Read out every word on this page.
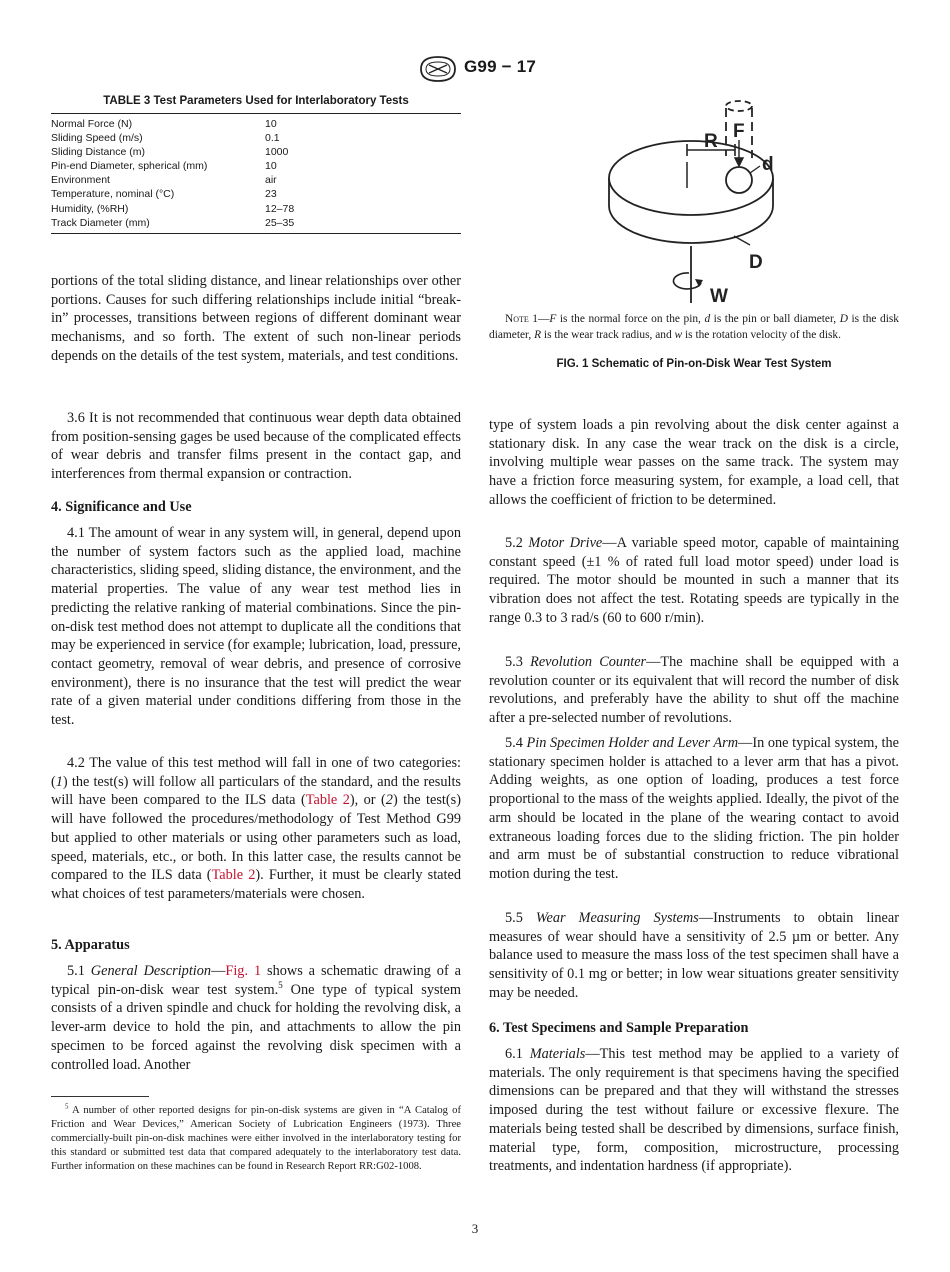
G99 − 17
TABLE 3 Test Parameters Used for Interlaboratory Tests
Normal Force (N)	10
Sliding Speed (m/s)	0.1
Sliding Distance (m)	1000
Pin-end Diameter, spherical (mm)	10
Environment	air
Temperature, nominal (°C)	23
Humidity, (%RH)	12–78
Track Diameter (mm)	25–35

portions of the total sliding distance, and linear relationships over other portions. Causes for such differing relationships include initial “break-in” processes, transitions between regions of different dominant wear mechanisms, and so forth. The extent of such non-linear periods depends on the details of the test system, materials, and test conditions.

3.6 It is not recommended that continuous wear depth data obtained from position-sensing gages be used because of the complicated effects of wear debris and transfer films present in the contact gap, and interferences from thermal expansion or contraction.

4. Significance and Use

4.1 The amount of wear in any system will, in general, depend upon the number of system factors such as the applied load, machine characteristics, sliding speed, sliding distance, the environment, and the material properties. The value of any wear test method lies in predicting the relative ranking of material combinations. Since the pin-on-disk test method does not attempt to duplicate all the conditions that may be experienced in service (for example; lubrication, load, pressure, contact geometry, removal of wear debris, and presence of corrosive environment), there is no insurance that the test will predict the wear rate of a given material under conditions differing from those in the test.

4.2 The value of this test method will fall in one of two categories: (1) the test(s) will follow all particulars of the standard, and the results will have been compared to the ILS data (Table 2), or (2) the test(s) will have followed the procedures/methodology of Test Method G99 but applied to other materials or using other parameters such as load, speed, materials, etc., or both. In this latter case, the results cannot be compared to the ILS data (Table 2). Further, it must be clearly stated what choices of test parameters/materials were chosen.

5. Apparatus

5.1 General Description—Fig. 1 shows a schematic drawing of a typical pin-on-disk wear test system.$^5$ One type of typical system consists of a driven spindle and chuck for holding the revolving disk, a lever-arm device to hold the pin, and attachments to allow the pin specimen to be forced against the revolving disk specimen with a controlled load. Another

$^5$ A number of other reported designs for pin-on-disk systems are given in “A Catalog of Friction and Wear Devices,” American Society of Lubrication Engineers (1973). Three commercially-built pin-on-disk machines were either involved in the interlaboratory testing for this standard or submitted test data that compared adequately to the interlaboratory test data. Further information on these machines can be found in Research Report RR:G02-1008.

R F
d
D
W

Note 1—F is the normal force on the pin, d is the pin or ball diameter, D is the disk diameter, R is the wear track radius, and w is the rotation velocity of the disk.

FIG. 1 Schematic of Pin-on-Disk Wear Test System

type of system loads a pin revolving about the disk center against a stationary disk. In any case the wear track on the disk is a circle, involving multiple wear passes on the same track. The system may have a friction force measuring system, for example, a load cell, that allows the coefficient of friction to be determined.

5.2 Motor Drive—A variable speed motor, capable of maintaining constant speed (±1 % of rated full load motor speed) under load is required. The motor should be mounted in such a manner that its vibration does not affect the test. Rotating speeds are typically in the range 0.3 to 3 rad/s (60 to 600 r/min).

5.3 Revolution Counter—The machine shall be equipped with a revolution counter or its equivalent that will record the number of disk revolutions, and preferably have the ability to shut off the machine after a pre-selected number of revolutions.

5.4 Pin Specimen Holder and Lever Arm—In one typical system, the stationary specimen holder is attached to a lever arm that has a pivot. Adding weights, as one option of loading, produces a test force proportional to the mass of the weights applied. Ideally, the pivot of the arm should be located in the plane of the wearing contact to avoid extraneous loading forces due to the sliding friction. The pin holder and arm must be of substantial construction to reduce vibrational motion during the test.

5.5 Wear Measuring Systems—Instruments to obtain linear measures of wear should have a sensitivity of 2.5 µm or better. Any balance used to measure the mass loss of the test specimen shall have a sensitivity of 0.1 mg or better; in low wear situations greater sensitivity may be needed.

6. Test Specimens and Sample Preparation

6.1 Materials—This test method may be applied to a variety of materials. The only requirement is that specimens having the specified dimensions can be prepared and that they will withstand the stresses imposed during the test without failure or excessive flexure. The materials being tested shall be described by dimensions, surface finish, material type, form, composition, microstructure, processing treatments, and indentation hardness (if appropriate).

3
